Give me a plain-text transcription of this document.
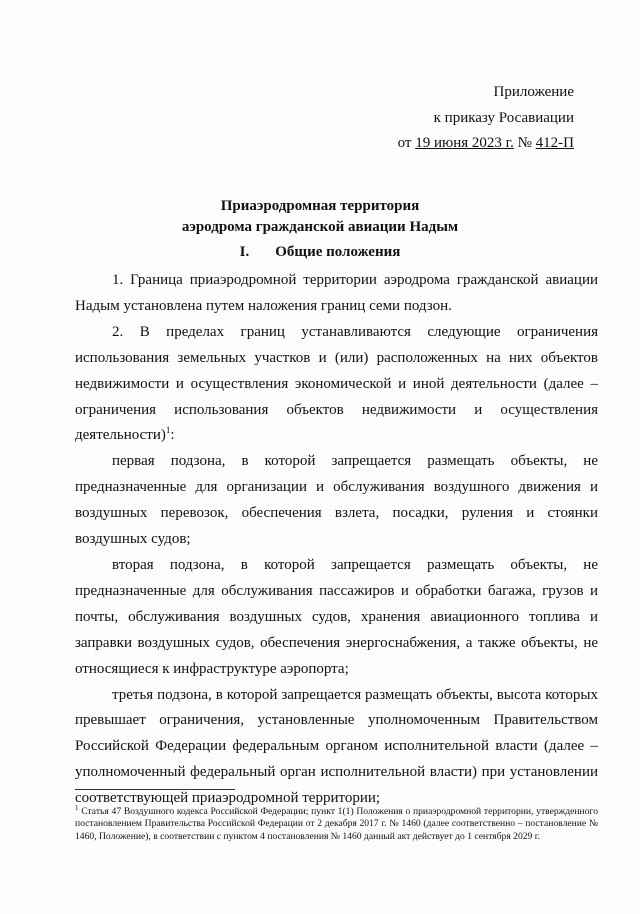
Приложение
к приказу Росавиации
от 19 июня 2023 г. № 412-П
Приаэродромная территория
аэродрома гражданской авиации Надым
I. Общие положения

1. Граница приаэродромной территории аэродрома гражданской авиации Надым установлена путем наложения границ семи подзон.

2. В пределах границ устанавливаются следующие ограничения использования земельных участков и (или) расположенных на них объектов недвижимости и осуществления экономической и иной деятельности (далее – ограничения использования объектов недвижимости и осуществления деятельности)$^1$:

первая подзона, в которой запрещается размещать объекты, не предназначенные для организации и обслуживания воздушного движения и воздушных перевозок, обеспечения взлета, посадки, руления и стоянки воздушных судов;

вторая подзона, в которой запрещается размещать объекты, не предназначенные для обслуживания пассажиров и обработки багажа, грузов и почты, обслуживания воздушных судов, хранения авиационного топлива и заправки воздушных судов, обеспечения энергоснабжения, а также объекты, не относящиеся к инфраструктуре аэропорта;

третья подзона, в которой запрещается размещать объекты, высота которых превышает ограничения, установленные уполномоченным Правительством Российской Федерации федеральным органом исполнительной власти (далее – уполномоченный федеральный орган исполнительной власти) при установлении соответствующей приаэродромной территории;

$^1$ Статья 47 Воздушного кодекса Российской Федерации; пункт 1(1) Положения о приаэродромной территории, утвержденного постановлением Правительства Российской Федерации от 2 декабря 2017 г. № 1460 (далее соответственно – постановление № 1460, Положение), в соответствии с пунктом 4 постановления № 1460 данный акт действует до 1 сентября 2029 г.
